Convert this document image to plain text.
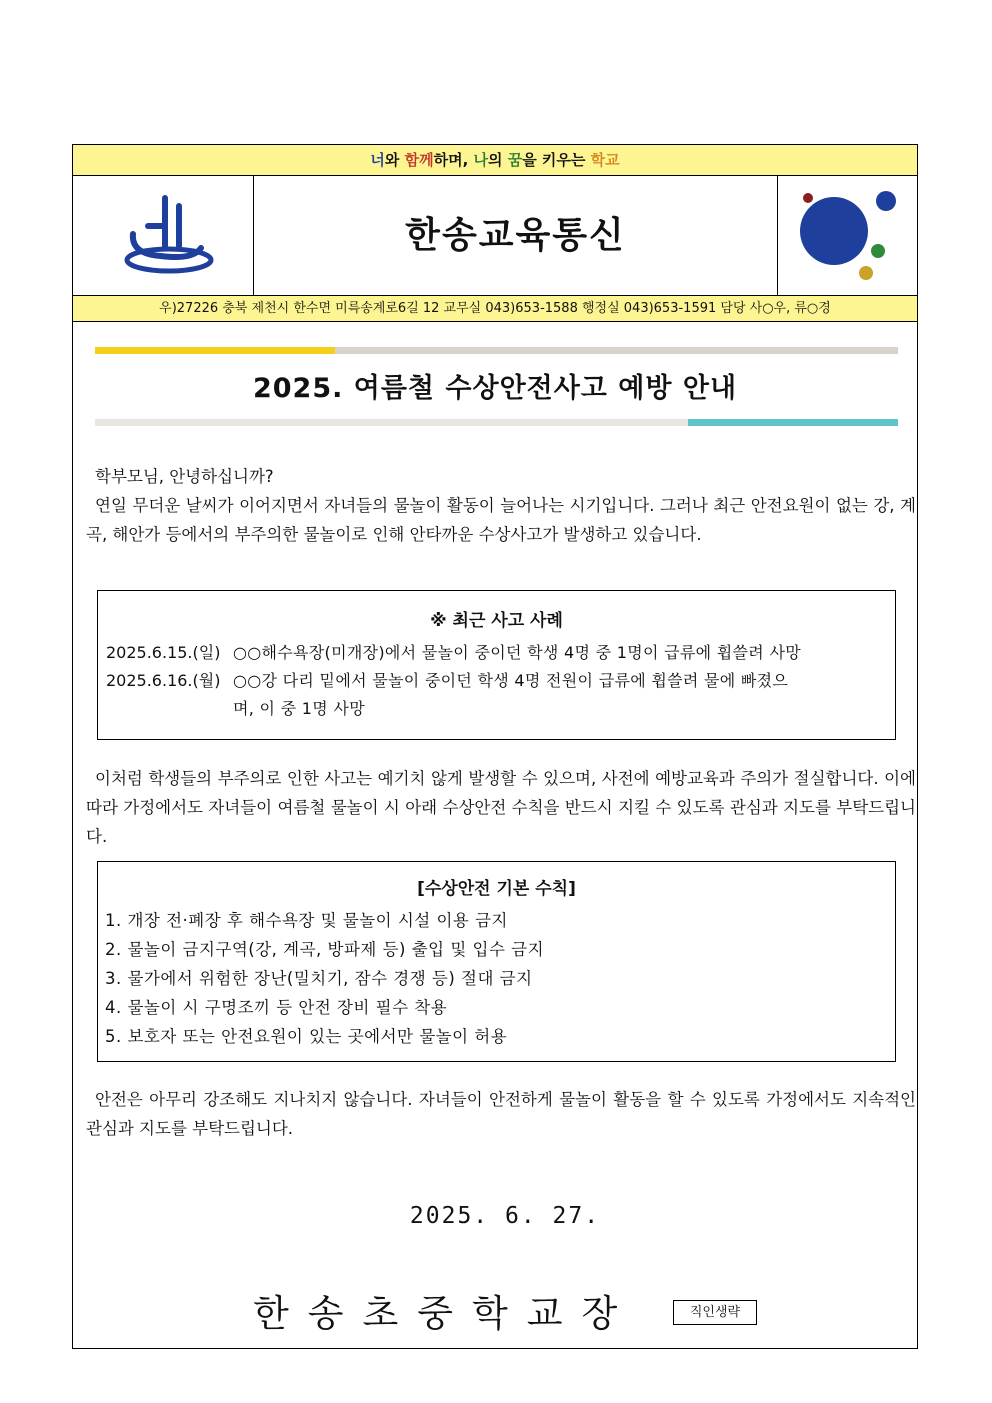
너와 함께하며, 나의 꿈을 키우는 학교
한송교육통신
우)27226 충북 제천시 한수면 미륵송계로6길 12 교무실 043)653-1588 행정실 043)653-1591 담당 사○우, 류○경
2025. 여름철 수상안전사고 예방 안내

학부모님, 안녕하십니까?

연일 무더운 날씨가 이어지면서 자녀들의 물놀이 활동이 늘어나는 시기입니다. 그러나 최근 안전요원이 없는 강, 계곡, 해안가 등에서의 부주의한 물놀이로 인해 안타까운 수상사고가 발생하고 있습니다.

※ 최근 사고 사례
2025.6.15.(일) ○○해수욕장(미개장)에서 물놀이 중이던 학생 4명 중 1명이 급류에 휩쓸려 사망
2025.6.16.(월) ○○강 다리 밑에서 물놀이 중이던 학생 4명 전원이 급류에 휩쓸려 물에 빠졌으
며, 이 중 1명 사망

이처럼 학생들의 부주의로 인한 사고는 예기치 않게 발생할 수 있으며, 사전에 예방교육과 주의가 절실합니다. 이에 따라 가정에서도 자녀들이 여름철 물놀이 시 아래 수상안전 수칙을 반드시 지킬 수 있도록 관심과 지도를 부탁드립니다.

[수상안전 기본 수칙]
1. 개장 전·폐장 후 해수욕장 및 물놀이 시설 이용 금지
2. 물놀이 금지구역(강, 계곡, 방파제 등) 출입 및 입수 금지
3. 물가에서 위험한 장난(밀치기, 잠수 경쟁 등) 절대 금지
4. 물놀이 시 구명조끼 등 안전 장비 필수 착용
5. 보호자 또는 안전요원이 있는 곳에서만 물놀이 허용

안전은 아무리 강조해도 지나치지 않습니다. 자녀들이 안전하게 물놀이 활동을 할 수 있도록 가정에서도 지속적인 관심과 지도를 부탁드립니다.

2025. 6. 27.
한송초중학교장	직인생략
